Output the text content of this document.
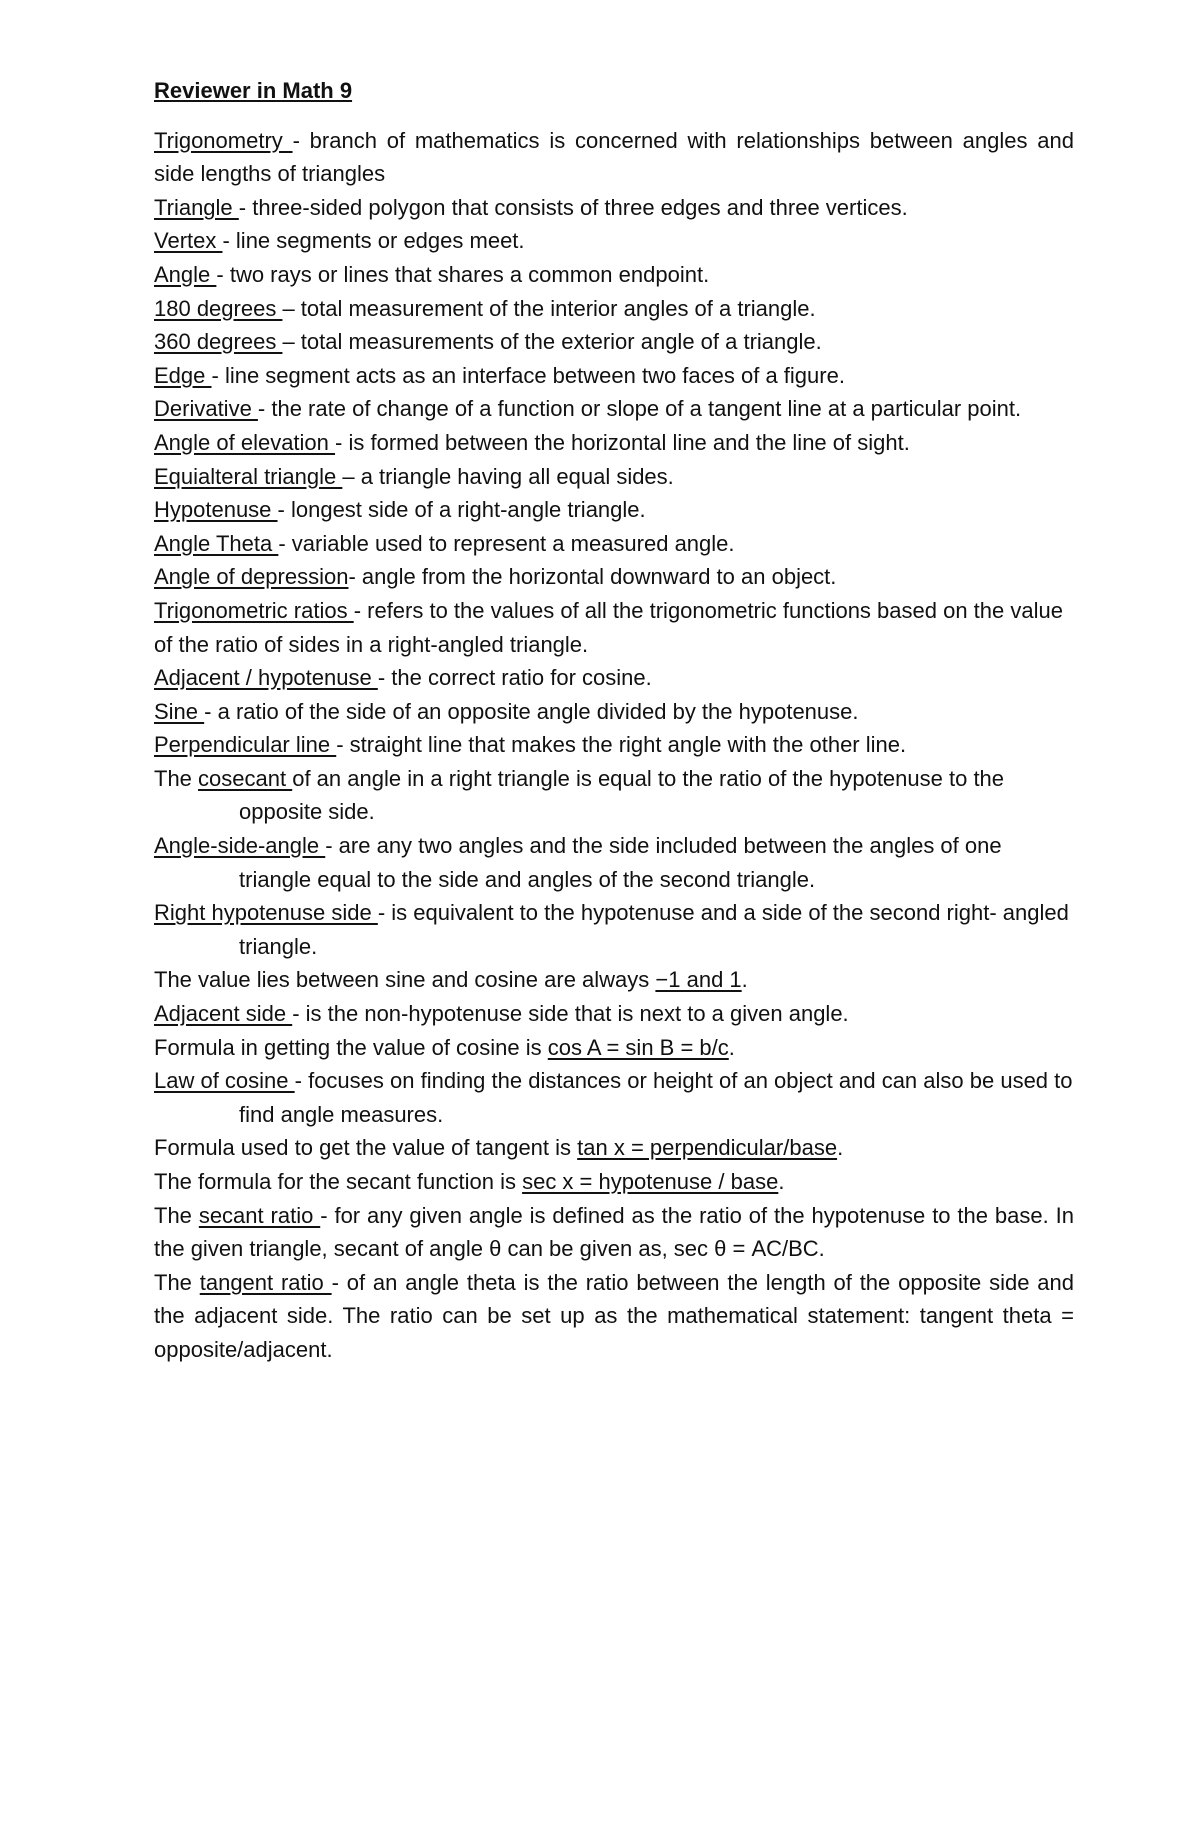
Reviewer in Math 9

Trigonometry - branch of mathematics is concerned with relationships between angles and side lengths of triangles

Triangle - three-sided polygon that consists of three edges and three vertices.

Vertex - line segments or edges meet.

Angle - two rays or lines that shares a common endpoint.

180 degrees – total measurement of the interior angles of a triangle.

360 degrees – total measurements of the exterior angle of a triangle.

Edge - line segment acts as an interface between two faces of a figure.

Derivative - the rate of change of a function or slope of a tangent line at a particular point.

Angle of elevation - is formed between the horizontal line and the line of sight.

Equialteral triangle – a triangle having all equal sides.

Hypotenuse - longest side of a right-angle triangle.

Angle Theta - variable used to represent a measured angle.

Angle of depression- angle from the horizontal downward to an object.

Trigonometric ratios - refers to the values of all the trigonometric functions based on the value of the ratio of sides in a right-angled triangle.

Adjacent / hypotenuse - the correct ratio for cosine.

Sine - a ratio of the side of an opposite angle divided by the hypotenuse.

Perpendicular line - straight line that makes the right angle with the other line.

The cosecant of an angle in a right triangle is equal to the ratio of the hypotenuse to the opposite side.

Angle-side-angle - are any two angles and the side included between the angles of one triangle equal to the side and angles of the second triangle.

Right hypotenuse side - is equivalent to the hypotenuse and a side of the second right- angled triangle.

The value lies between sine and cosine are always −1 and 1.

Adjacent side - is the non-hypotenuse side that is next to a given angle.

Formula in getting the value of cosine is cos A = sin B = b/c.

Law of cosine - focuses on finding the distances or height of an object and can also be used to find angle measures.

Formula used to get the value of tangent is tan x = perpendicular/base.

The formula for the secant function is sec x = hypotenuse / base.

The secant ratio - for any given angle is defined as the ratio of the hypotenuse to the base. In the given triangle, secant of angle θ can be given as, sec θ = AC/BC.

The tangent ratio - of an angle theta is the ratio between the length of the opposite side and the adjacent side. The ratio can be set up as the mathematical statement: tangent theta = opposite/adjacent.
